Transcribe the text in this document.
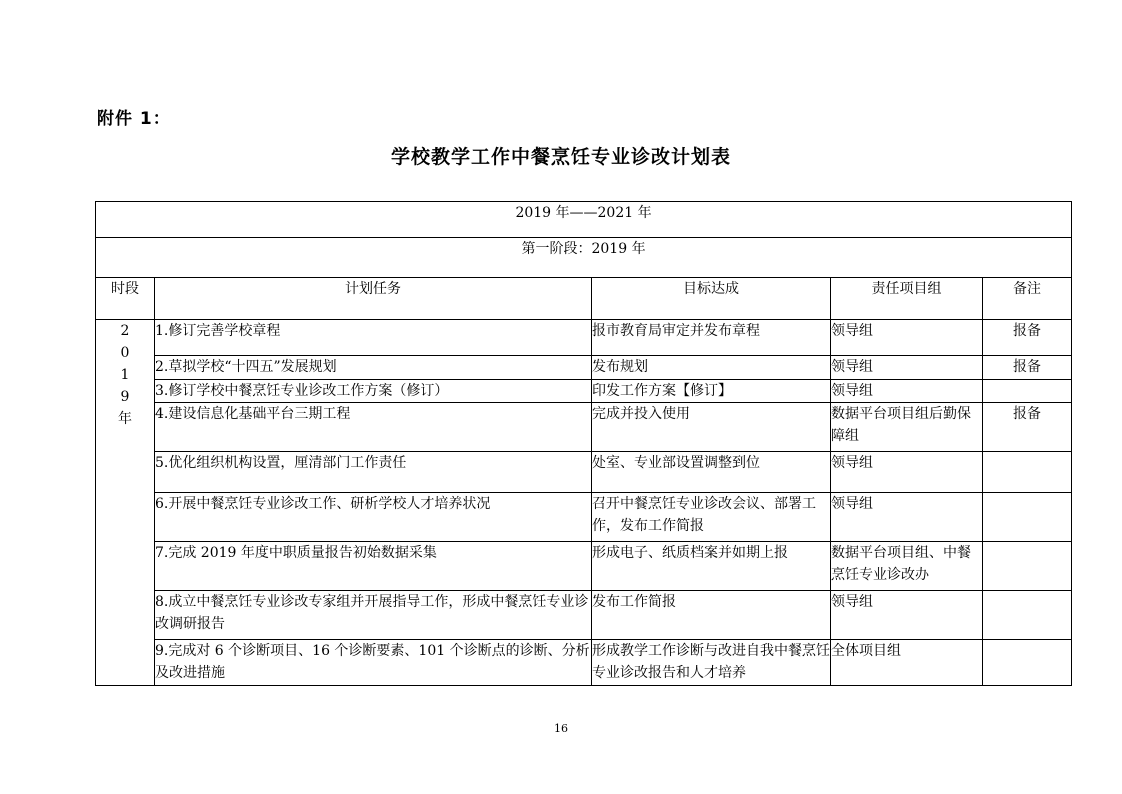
附件 1：
学校教学工作中餐烹饪专业诊改计划表
2019 年——2021 年				
第一阶段：2019 年				
时段	计划任务	目标达成	责任项目组	备注

2
0
1
9
年	1.修订完善学校章程	报市教育局审定并发布章程	领导组	报备
	2.草拟学校“十四五”发展规划	发布规划	领导组	报备
	3.修订学校中餐烹饪专业诊改工作方案（修订）	印发工作方案【修订】	领导组	
	4.建设信息化基础平台三期工程	完成并投入使用	数据平台项目组后勤保障组	报备
	5.优化组织机构设置，厘清部门工作责任	处室、专业部设置调整到位	领导组	
	6.开展中餐烹饪专业诊改工作、研析学校人才培养状况	召开中餐烹饪专业诊改会议、部署工作，发布工作简报	领导组	
	7.完成 2019 年度中职质量报告初始数据采集	形成电子、纸质档案并如期上报	数据平台项目组、中餐烹饪专业诊改办	
	8.成立中餐烹饪专业诊改专家组并开展指导工作，形成中餐烹饪专业诊改调研报告	发布工作简报	领导组	
	9.完成对 6 个诊断项目、16 个诊断要素、101 个诊断点的诊断、分析及改进措施	形成教学工作诊断与改进自我中餐烹饪专业诊改报告和人才培养	全体项目组	
16
